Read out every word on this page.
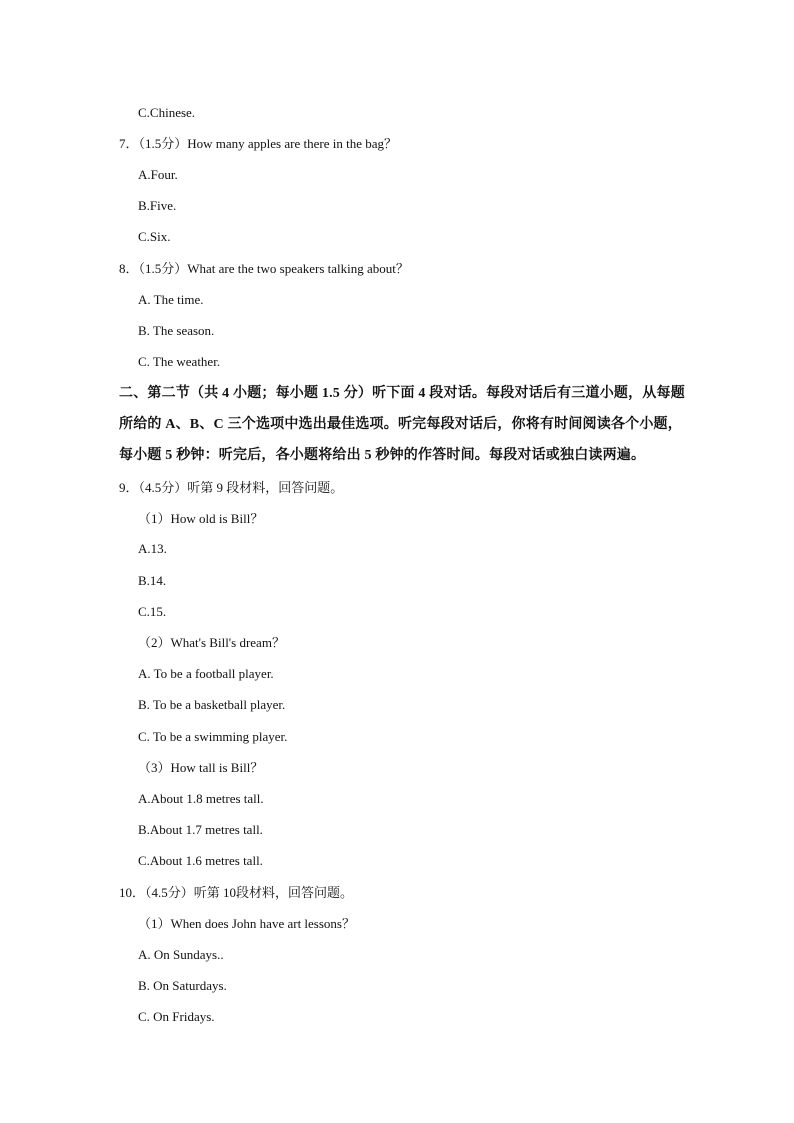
C.Chinese.
7．（1.5分）How many apples are there in the bag？
A.Four.
B.Five.
C.Six.
8．（1.5分）What are the two speakers talking about？
A. The time.
B. The season.
C. The weather.
二、第二节（共 4 小题；每小题 1.5 分）听下面 4 段对话。每段对话后有三道小题，从每题
所给的 A、B、C 三个选项中选出最佳选项。听完每段对话后，你将有时间阅读各个小题，
每小题 5 秒钟：听完后，各小题将给出 5 秒钟的作答时间。每段对话或独白读两遍。
9．（4.5分）听第 9 段材料，回答问题。
（1）How old is Bill？
A.13.
B.14.
C.15.
（2）What's Bill's dream？
A. To be a football player.
B. To be a basketball player.
C. To be a swimming player.
（3）How tall is Bill？
A.About 1.8 metres tall.
B.About 1.7 metres tall.
C.About 1.6 metres tall.
10．（4.5分）听第 10段材料，回答问题。
（1）When does John have art lessons？
A. On Sundays..
B. On Saturdays.
C. On Fridays.
